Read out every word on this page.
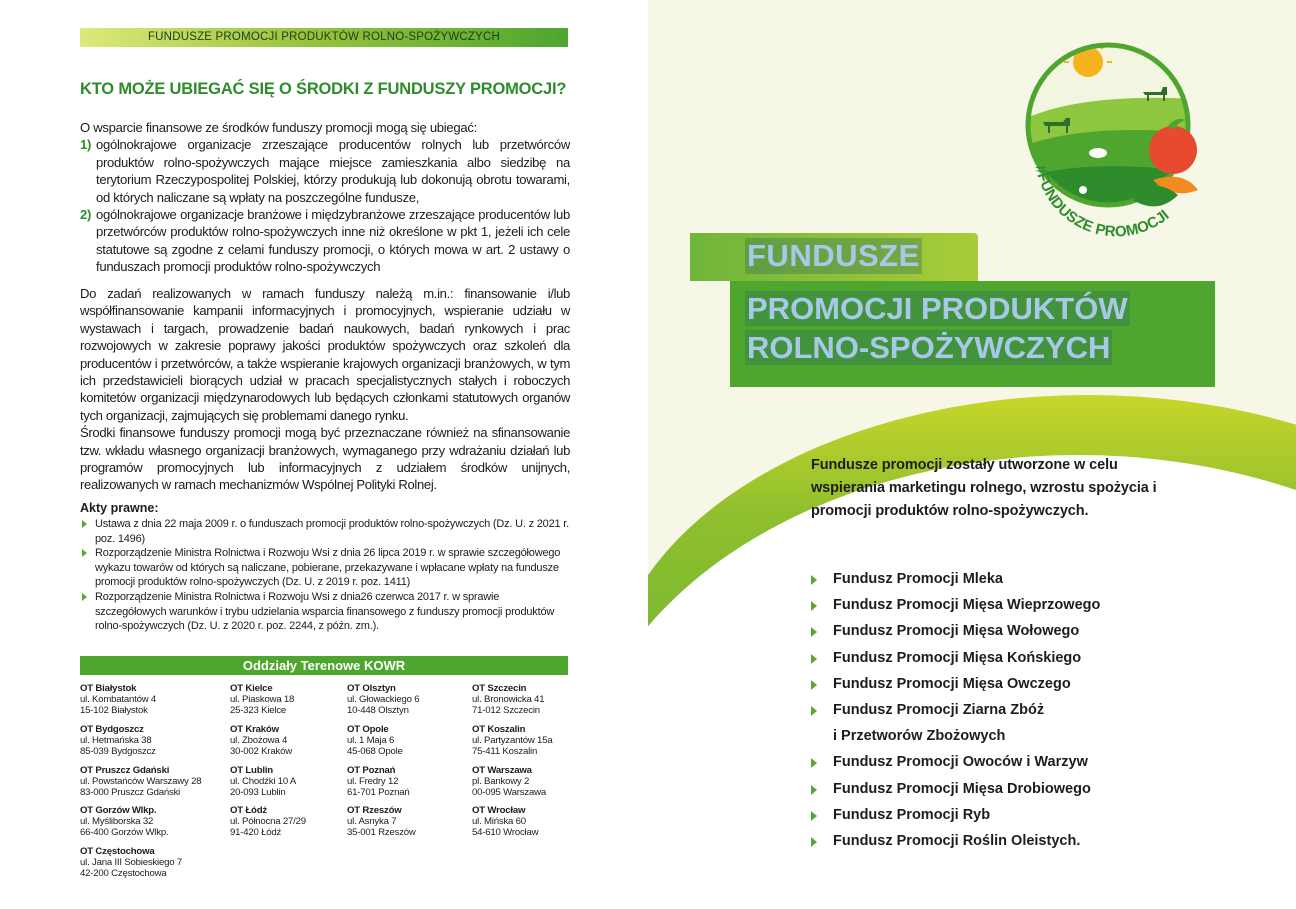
FUNDUSZE PROMOCJI PRODUKTÓW ROLNO-SPOŻYWCZYCH
KTO MOŻE UBIEGAĆ SIĘ O ŚRODKI Z FUNDUSZY PROMOCJI?

O wsparcie finansowe ze środków funduszy promocji mogą się ubiegać:

1) ogólnokrajowe organizacje zrzeszające producentów rolnych lub przetwórców produktów rolno-spożywczych mające miejsce zamieszkania albo siedzibę na terytorium Rzeczypospolitej Polskiej, którzy produkują lub dokonują obrotu towarami, od których naliczane są wpłaty na poszczególne fundusze,
2) ogólnokrajowe organizacje branżowe i międzybranżowe zrzeszające producentów lub przetwórców produktów rolno-spożywczych inne niż określone w pkt 1, jeżeli ich cele statutowe są zgodne z celami funduszy promocji, o których mowa w art. 2 ustawy o funduszach promocji produktów rolno-spożywczych

Do zadań realizowanych w ramach funduszy należą m.in.: finansowanie i/lub współfinansowanie kampanii informacyjnych i promocyjnych, wspieranie udziału w wystawach i targach, prowadzenie badań naukowych, badań rynkowych i prac rozwojowych w zakresie poprawy jakości produktów spożywczych oraz szkoleń dla producentów i przetwórców, a także wspieranie krajowych organizacji branżowych, w tym ich przedstawicieli biorących udział w pracach specjalistycznych stałych i roboczych komitetów organizacji międzynarodowych lub będących członkami statutowych organów tych organizacji, zajmujących się problemami danego rynku.

Środki finansowe funduszy promocji mogą być przeznaczane również na sfinansowanie tzw. wkładu własnego organizacji branżowych, wymaganego przy wdrażaniu działań lub programów promocyjnych lub informacyjnych z udziałem środków unijnych, realizowanych w ramach mechanizmów Wspólnej Polityki Rolnej.

Akty prawne:
Ustawa z dnia 22 maja 2009 r. o funduszach promocji produktów rolno-spożywczych (Dz. U. z 2021 r. poz. 1496)
Rozporządzenie Ministra Rolnictwa i Rozwoju Wsi z dnia 26 lipca 2019 r. w sprawie szczegółowego wykazu towarów od których są naliczane, pobierane, przekazywane i wpłacane wpłaty na fundusze promocji produktów rolno-spożywczych (Dz. U. z 2019 r. poz. 1411)
Rozporządzenie Ministra Rolnictwa i Rozwoju Wsi z dnia26 czerwca 2017 r. w sprawie szczegółowych warunków i trybu udzielania wsparcia finansowego z funduszy promocji produktów rolno-spożywczych (Dz. U. z 2020 r. poz. 2244, z późn. zm.).
Oddziały Terenowe KOWR
OT Białystok
ul. Kombatantów 4
15-102 Białystok
OT Kielce
ul. Piaskowa 18
25-323 Kielce
OT Olsztyn
ul. Głowackiego 6
10-448 Olsztyn
OT Szczecin
ul. Bronowicka 41
71-012 Szczecin
OT Bydgoszcz
ul. Hetmańska 38
85-039 Bydgoszcz
OT Kraków
ul. Zbożowa 4
30-002 Kraków
OT Opole
ul. 1 Maja 6
45-068 Opole
OT Koszalin
ul. Partyzantów 15a
75-411 Koszalin
OT Pruszcz Gdański
ul. Powstańców Warszawy 28
83-000 Pruszcz Gdański
OT Lublin
ul. Chodźki 10 A
20-093 Lublin
OT Poznań
ul. Fredry 12
61-701 Poznań
OT Warszawa
pl. Bankowy 2
00-095 Warszawa
OT Gorzów Wlkp.
ul. Myśliborska 32
66-400 Gorzów Wlkp.
OT Łódź
ul. Północna 27/29
91-420 Łódź
OT Rzeszów
ul. Asnyka 7
35-001 Rzeszów
OT Wrocław
ul. Mińska 60
54-610 Wrocław
OT Częstochowa
ul. Jana III Sobieskiego 7
42-200 Częstochowa
#FUNDUSZE PROMOCJI
FUNDUSZE
PROMOCJI PRODUKTÓW
ROLNO-SPOŻYWCZYCH
Fundusze promocji zostały utworzone w celu wspierania marketingu rolnego, wzrostu spożycia i promocji produktów rolno-spożywczych.
Fundusz Promocji Mleka
Fundusz Promocji Mięsa Wieprzowego
Fundusz Promocji Mięsa Wołowego
Fundusz Promocji Mięsa Końskiego
Fundusz Promocji Mięsa Owczego
Fundusz Promocji Ziarna Zbóż
i Przetworów Zbożowych
Fundusz Promocji Owoców i Warzyw
Fundusz Promocji Mięsa Drobiowego
Fundusz Promocji Ryb
Fundusz Promocji Roślin Oleistych.
